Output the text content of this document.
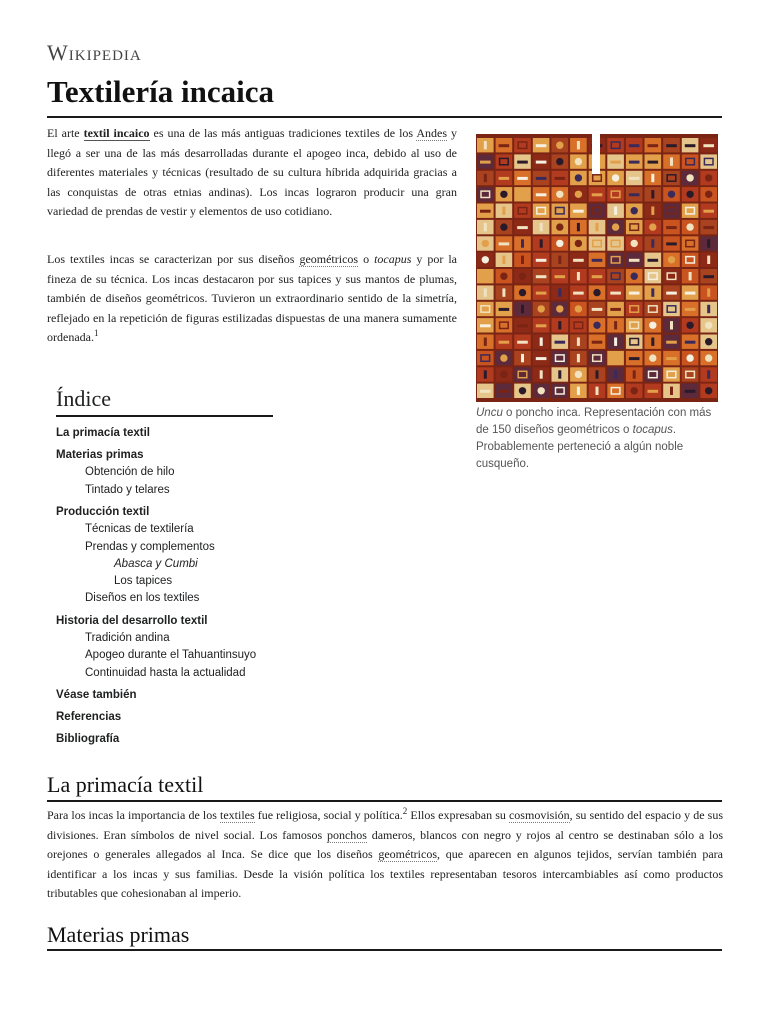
Wikipedia
Textilería incaica

El arte textil incaico es una de las más antiguas tradiciones textiles de los Andes y llegó a ser una de las más desarrolladas durante el apogeo inca, debido al uso de diferentes materiales y técnicas (resultado de su cultura híbrida adquirida gracias a las conquistas de otras etnias andinas). Los incas lograron producir una gran variedad de prendas de vestir y elementos de uso cotidiano.

Los textiles incas se caracterizan por sus diseños geométricos o tocapus y por la fineza de su técnica. Los incas destacaron por sus tapices y sus mantos de plumas, también de diseños geométricos. Tuvieron un extraordinario sentido de la simetría, reflejado en la repetición de figuras estilizadas dispuestas de una manera sumamente ordenada.$^1$

Uncu o poncho inca. Representación con más de 150 diseños geométricos o tocapus. Probablemente perteneció a algún noble cusqueño.
Índice
La primacía textil
Materias primas
Obtención de hilo
Tintado y telares
Producción textil
Técnicas de textilería
Prendas y complementos
Abasca y Cumbi
Los tapices
Diseños en los textiles
Historia del desarrollo textil
Tradición andina
Apogeo durante el Tahuantinsuyo
Continuidad hasta la actualidad
Véase también
Referencias
Bibliografía
La primacía textil

Para los incas la importancia de los textiles fue religiosa, social y política.$^2$ Ellos expresaban su cosmovisión, su sentido del espacio y de sus divisiones. Eran símbolos de nivel social. Los famosos ponchos dameros, blancos con negro y rojos al centro se destinaban sólo a los orejones o generales allegados al Inca. Se dice que los diseños geométricos, que aparecen en algunos tejidos, servían también para identificar a los incas y sus familias. Desde la visión política los textiles representaban tesoros intercambiables así como productos tributables que cohesionaban al imperio.

Materias primas
